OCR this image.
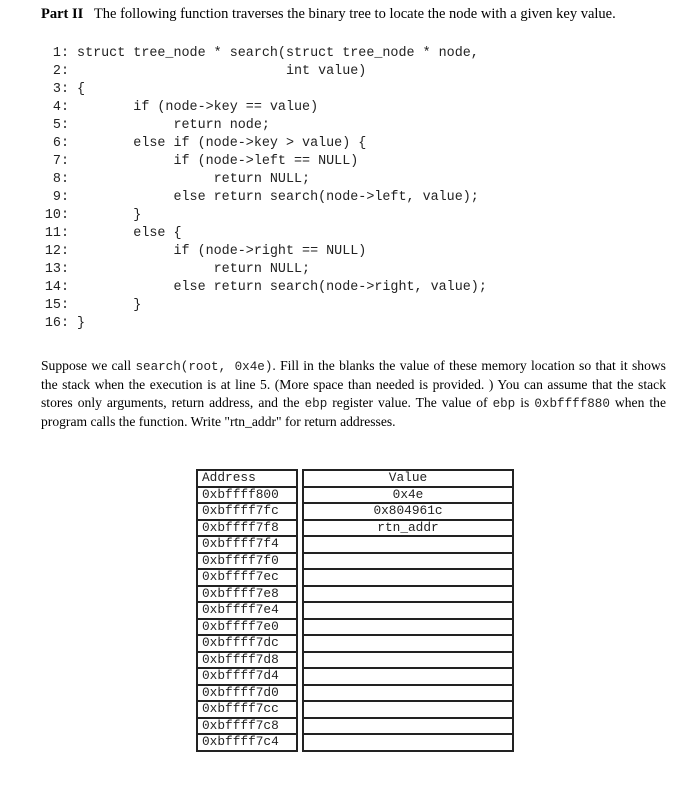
Part II The following function traverses the binary tree to locate the node with a given key value.
1: struct tree_node * search(struct tree_node * node,
2:                           int value)
3: {
4:        if (node->key == value)
5:             return node;
6:        else if (node->key > value) {
7:             if (node->left == NULL)
8:                  return NULL;
9:             else return search(node->left, value);
10:        }
11:        else {
12:             if (node->right == NULL)
13:                  return NULL;
14:             else return search(node->right, value);
15:        }
16: }
Suppose we call search(root, 0x4e). Fill in the blanks the value of these memory location so that it shows the stack when the execution is at line 5. (More space than needed is provided. ) You can assume that the stack stores only arguments, return address, and the ebp register value. The value of ebp is 0xbffff880 when the program calls the function. Write "rtn_addr" for return addresses.
Address		Value
0xbffff800		0x4e
0xbffff7fc		0x804961c
0xbffff7f8		rtn_addr
0xbffff7f4		
0xbffff7f0		
0xbffff7ec		
0xbffff7e8		
0xbffff7e4		
0xbffff7e0		
0xbffff7dc		
0xbffff7d8		
0xbffff7d4		
0xbffff7d0		
0xbffff7cc		
0xbffff7c8		
0xbffff7c4		
